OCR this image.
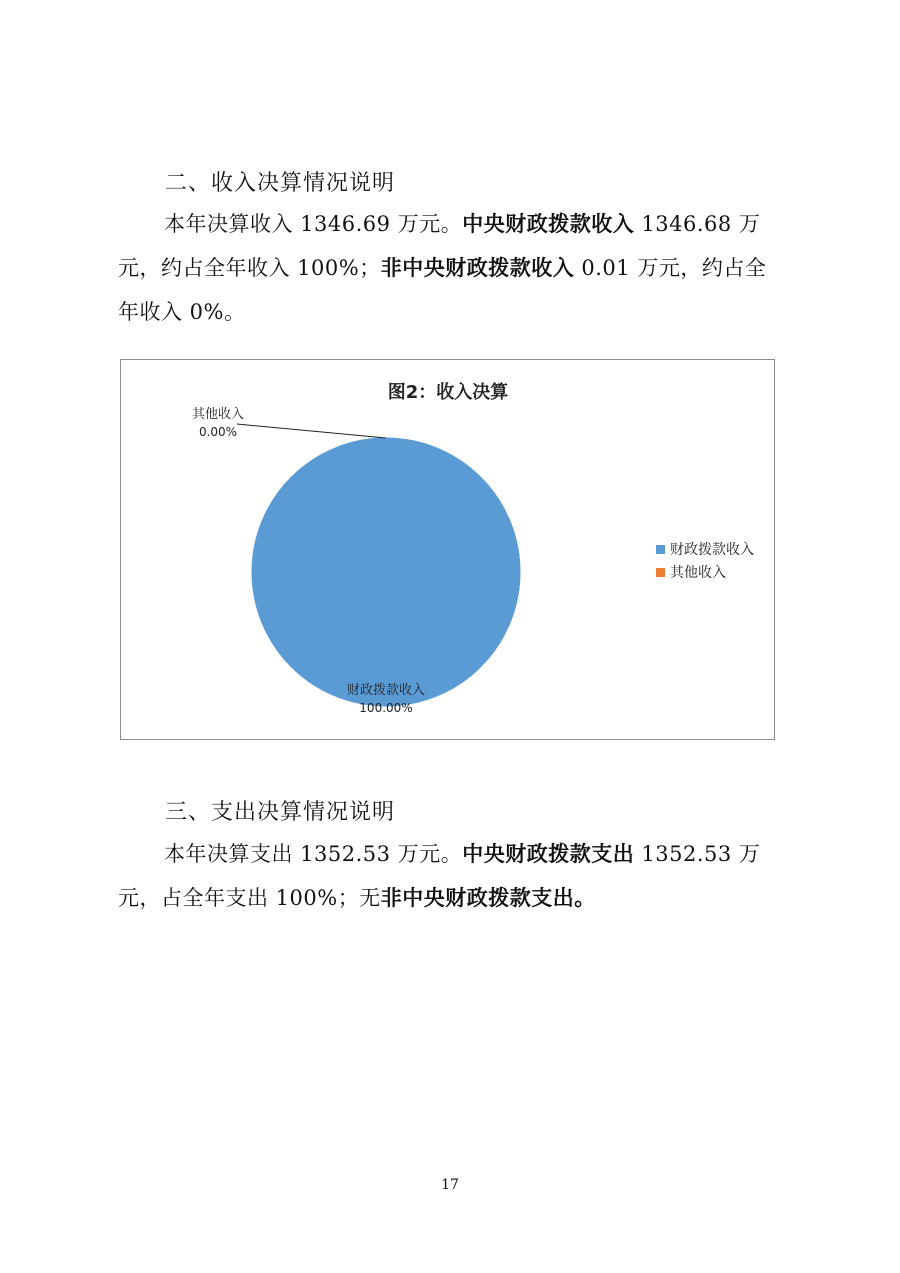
二、收入决算情况说明

本年决算收入 1346.69 万元。中央财政拨款收入 1346.68 万元，约占全年收入 100%；非中央财政拨款收入 0.01 万元，约占全年收入 0%。

图2：收入决算
财政拨款收入
100.00%
其他收入
0.00%
财政拨款收入
其他收入
三、支出决算情况说明

本年决算支出 1352.53 万元。中央财政拨款支出 1352.53 万元，占全年支出 100%；无非中央财政拨款支出。

17
